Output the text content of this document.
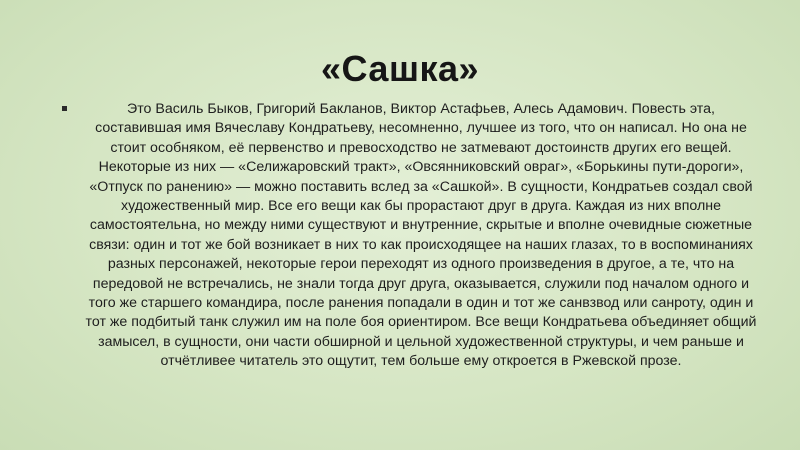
«Сашка»
Это Василь Быков, Григорий Бакланов, Виктор Астафьев, Алесь Адамович. Повесть эта, составившая имя Вячеславу Кондратьеву, несомненно, лучшее из того, что он написал. Но она не стоит особняком, её первенство и превосходство не затмевают достоинств других его вещей. Некоторые из них — «Селижаровский тракт», «Овсянниковский овраг», «Борькины пути-дороги», «Отпуск по ранению» — можно поставить вслед за «Сашкой». В сущности, Кондратьев создал свой художественный мир. Все его вещи как бы прорастают друг в друга. Каждая из них вполне самостоятельна, но между ними существуют и внутренние, скрытые и вполне очевидные сюжетные связи: один и тот же бой возникает в них то как происходящее на наших глазах, то в воспоминаниях разных персонажей, некоторые герои переходят из одного произведения в другое, а те, что на передовой не встречались, не знали тогда друг друга, оказывается, служили под началом одного и того же старшего командира, после ранения попадали в один и тот же санвзвод или санроту, один и тот же подбитый танк служил им на поле боя ориентиром. Все вещи Кондратьева объединяет общий замысел, в сущности, они части обширной и цельной художественной структуры, и чем раньше и отчётливее читатель это ощутит, тем больше ему откроется в Ржевской прозе.
